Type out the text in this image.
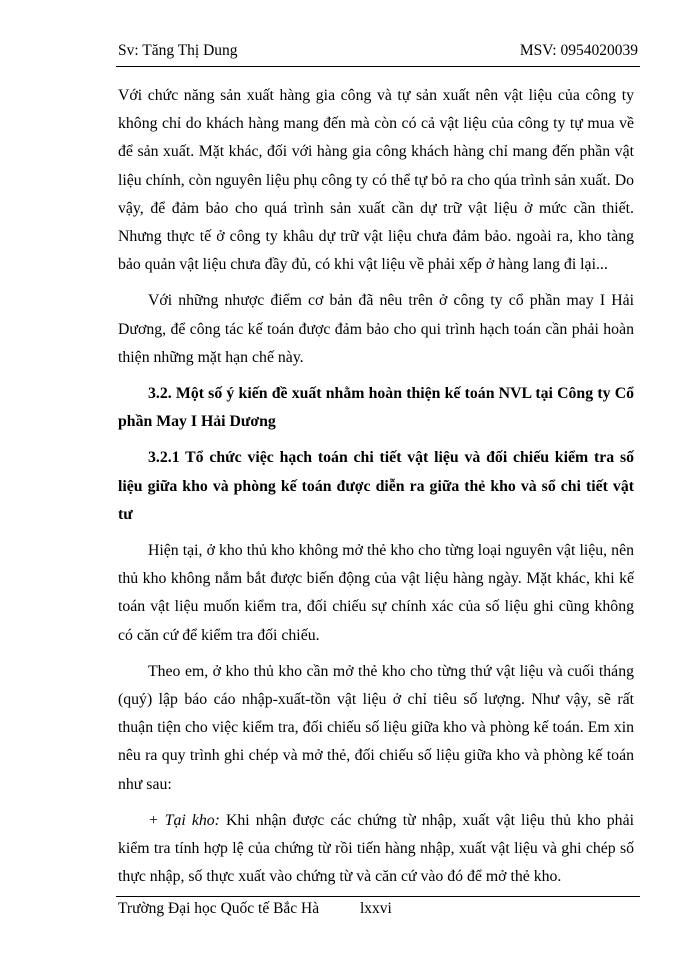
Sv: Tăng Thị Dung	MSV: 0954020039

Với chức năng sản xuất hàng gia công và tự sản xuất nên vật liệu của công ty không chỉ do khách hàng mang đến mà còn có cả vật liệu của công ty tự mua về để sản xuất. Mặt khác, đối với hàng gia công khách hàng chỉ mang đến phần vật liệu chính, còn nguyên liệu phụ công ty có thể tự bỏ ra cho qúa trình sản xuất. Do vậy, để đảm bảo cho quá trình sản xuất cần dự trữ vật liệu ở mức cần thiết. Nhưng thực tế ở công ty khâu dự trữ vật liệu chưa đảm bảo. ngoài ra, kho tàng bảo quản vật liệu chưa đầy đủ, có khi vật liệu về phải xếp ở hàng lang đi lại...

Với những nhược điểm cơ bản đã nêu trên ở công ty cổ phần may I Hải Dương, để công tác kế toán được đảm bảo cho qui trình hạch toán cần phải hoàn thiện những mặt hạn chế này.

3.2. Một số ý kiến đề xuất nhằm hoàn thiện kế toán NVL tại Công ty Cổ phần May I Hải Dương
3.2.1 Tổ chức việc hạch toán chi tiết vật liệu và đối chiếu kiểm tra số liệu giữa kho và phòng kế toán được diễn ra giữa thẻ kho và sổ chi tiết vật tư

Hiện tại, ở kho thủ kho không mở thẻ kho cho từng loại nguyên vật liệu, nên thủ kho không nắm bắt được biến động của vật liệu hàng ngày. Mặt khác, khi kế toán vật liệu muốn kiểm tra, đối chiếu sự chính xác của số liệu ghi cũng không có căn cứ để kiểm tra đối chiếu.

Theo em, ở kho thủ kho cần mở thẻ kho cho từng thứ vật liệu và cuối tháng (quý) lập báo cáo nhập-xuất-tồn vật liệu ở chỉ tiêu số lượng. Như vậy, sẽ rất thuận tiện cho việc kiểm tra, đối chiếu số liệu giữa kho và phòng kế toán. Em xin nêu ra quy trình ghi chép và mở thẻ, đối chiếu số liệu giữa kho và phòng kế toán như sau:

+ Tại kho: Khi nhận được các chứng từ nhập, xuất vật liệu thủ kho phải kiểm tra tính hợp lệ của chứng từ rồi tiến hàng nhập, xuất vật liệu và ghi chép số thực nhập, số thực xuất vào chứng từ và căn cứ vào đó để mở thẻ kho.

Trường Đại học Quốc tế Bắc Hà	lxxvi
